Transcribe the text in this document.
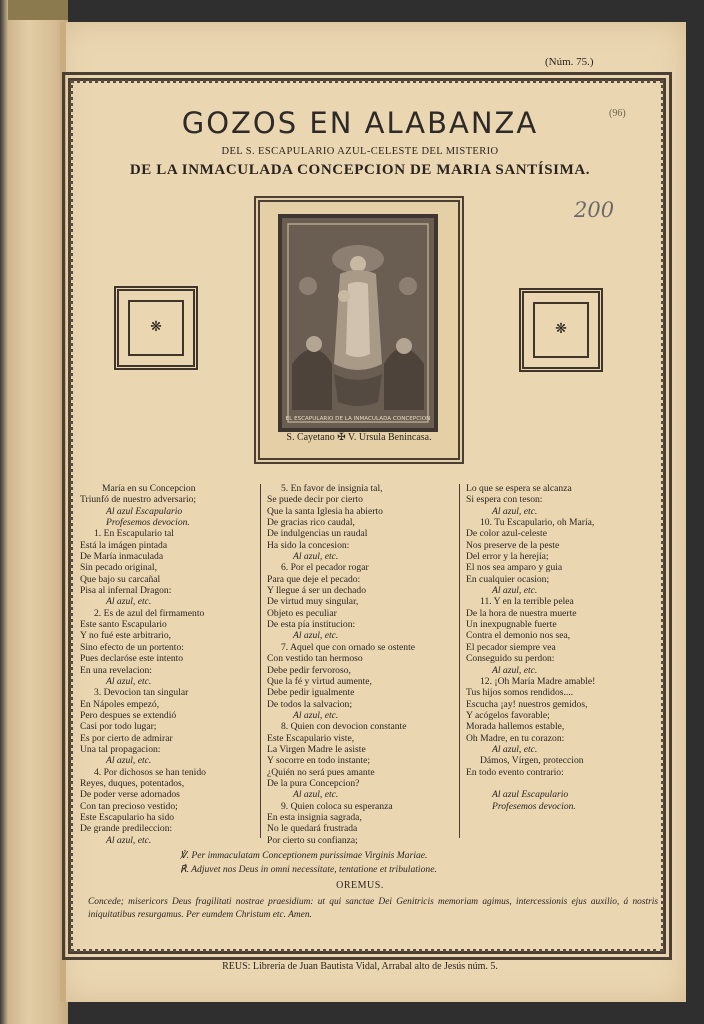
(Núm. 75.)
(96)
200
GOZOS EN ALABANZA
DEL S. ESCAPULARIO AZUL-CELESTE DEL MISTERIO
DE LA INMACULADA CONCEPCION DE MARIA SANTÍSIMA.
❋	❋
EL ESCAPULARIO DE LA INMACULADA CONCEPCION
S. Cayetano ✠ V. Úrsula Benincasa.
María en su Concepcion
Triunfó de nuestro adversario;
Al azul Escapulario
Profesemos devocion.
1. En Escapulario tal
Está la imágen pintada
De María inmaculada
Sin pecado original,
Que bajo su carcañal
Pisa al infernal Dragon:
Al azul, etc.
2. Es de azul del firmamento
Este santo Escapulario
Y no fué este arbitrario,
Sino efecto de un portento:
Pues declaróse este intento
En una revelacion:
Al azul, etc.
3. Devocion tan singular
En Nápoles empezó,
Pero despues se extendió
Casi por todo lugar;
Es por cierto de admirar
Una tal propagacion:
Al azul, etc.
4. Por dichosos se han tenido
Reyes, duques, potentados,
De poder verse adornados
Con tan precioso vestido;
Este Escapulario ha sido
De grande predileccion:
Al azul, etc.
5. En favor de insignia tal,
Se puede decir por cierto
Que la santa Iglesia ha abierto
De gracias rico caudal,
De indulgencias un raudal
Ha sido la concesion:
Al azul, etc.
6. Por el pecador rogar
Para que deje el pecado:
Y llegue á ser un dechado
De virtud muy singular,
Objeto es peculiar
De esta pía institucion:
Al azul, etc.
7. Aquel que con ornado se ostente
Con vestido tan hermoso
Debe pedir fervoroso,
Que la fé y virtud aumente,
Debe pedir igualmente
De todos la salvacion;
Al azul, etc.
8. Quien con devocion constante
Este Escapulario viste,
La Virgen Madre le asiste
Y socorre en todo instante;
¿Quién no será pues amante
De la pura Concepcion?
Al azul, etc.
9. Quien coloca su esperanza
En esta insignia sagrada,
No le quedará frustrada
Por cierto su confianza;
Lo que se espera se alcanza
Si espera con teson:
Al azul, etc.
10. Tu Escapulario, oh María,
De color azul-celeste
Nos preserve de la peste
Del error y la herejía;
El nos sea amparo y guia
En cualquier ocasion;
Al azul, etc.
11. Y en la terrible pelea
De la hora de nuestra muerte
Un inexpugnable fuerte
Contra el demonio nos sea,
El pecador siempre vea
Conseguido su perdon:
Al azul, etc.
12. ¡Oh María Madre amable!
Tus hijos somos rendidos....
Escucha ¡ay! nuestros gemidos,
Y acógelos favorable;
Morada hallemos estable,
Oh Madre, en tu corazon:
Al azul, etc.
Dámos, Vírgen, proteccion
En todo evento contrario:

Al azul Escapulario
Profesemos devocion.
℣. Per immaculatam Conceptionem purissimae Virginis Mariae.
℟. Adjuvet nos Deus in omni necessitate, tentatione et tribulatione.
OREMUS.
Concede; misericors Deus fragilitati nostrae praesidium: ut qui sanctae Dei Genitricis memoriam agimus, intercessionis ejus auxilio, á nostris iniquitatibus resurgamus. Per eumdem Christum etc. Amen.
REUS: Librería de Juan Bautista Vidal, Arrabal alto de Jesús núm. 5.
